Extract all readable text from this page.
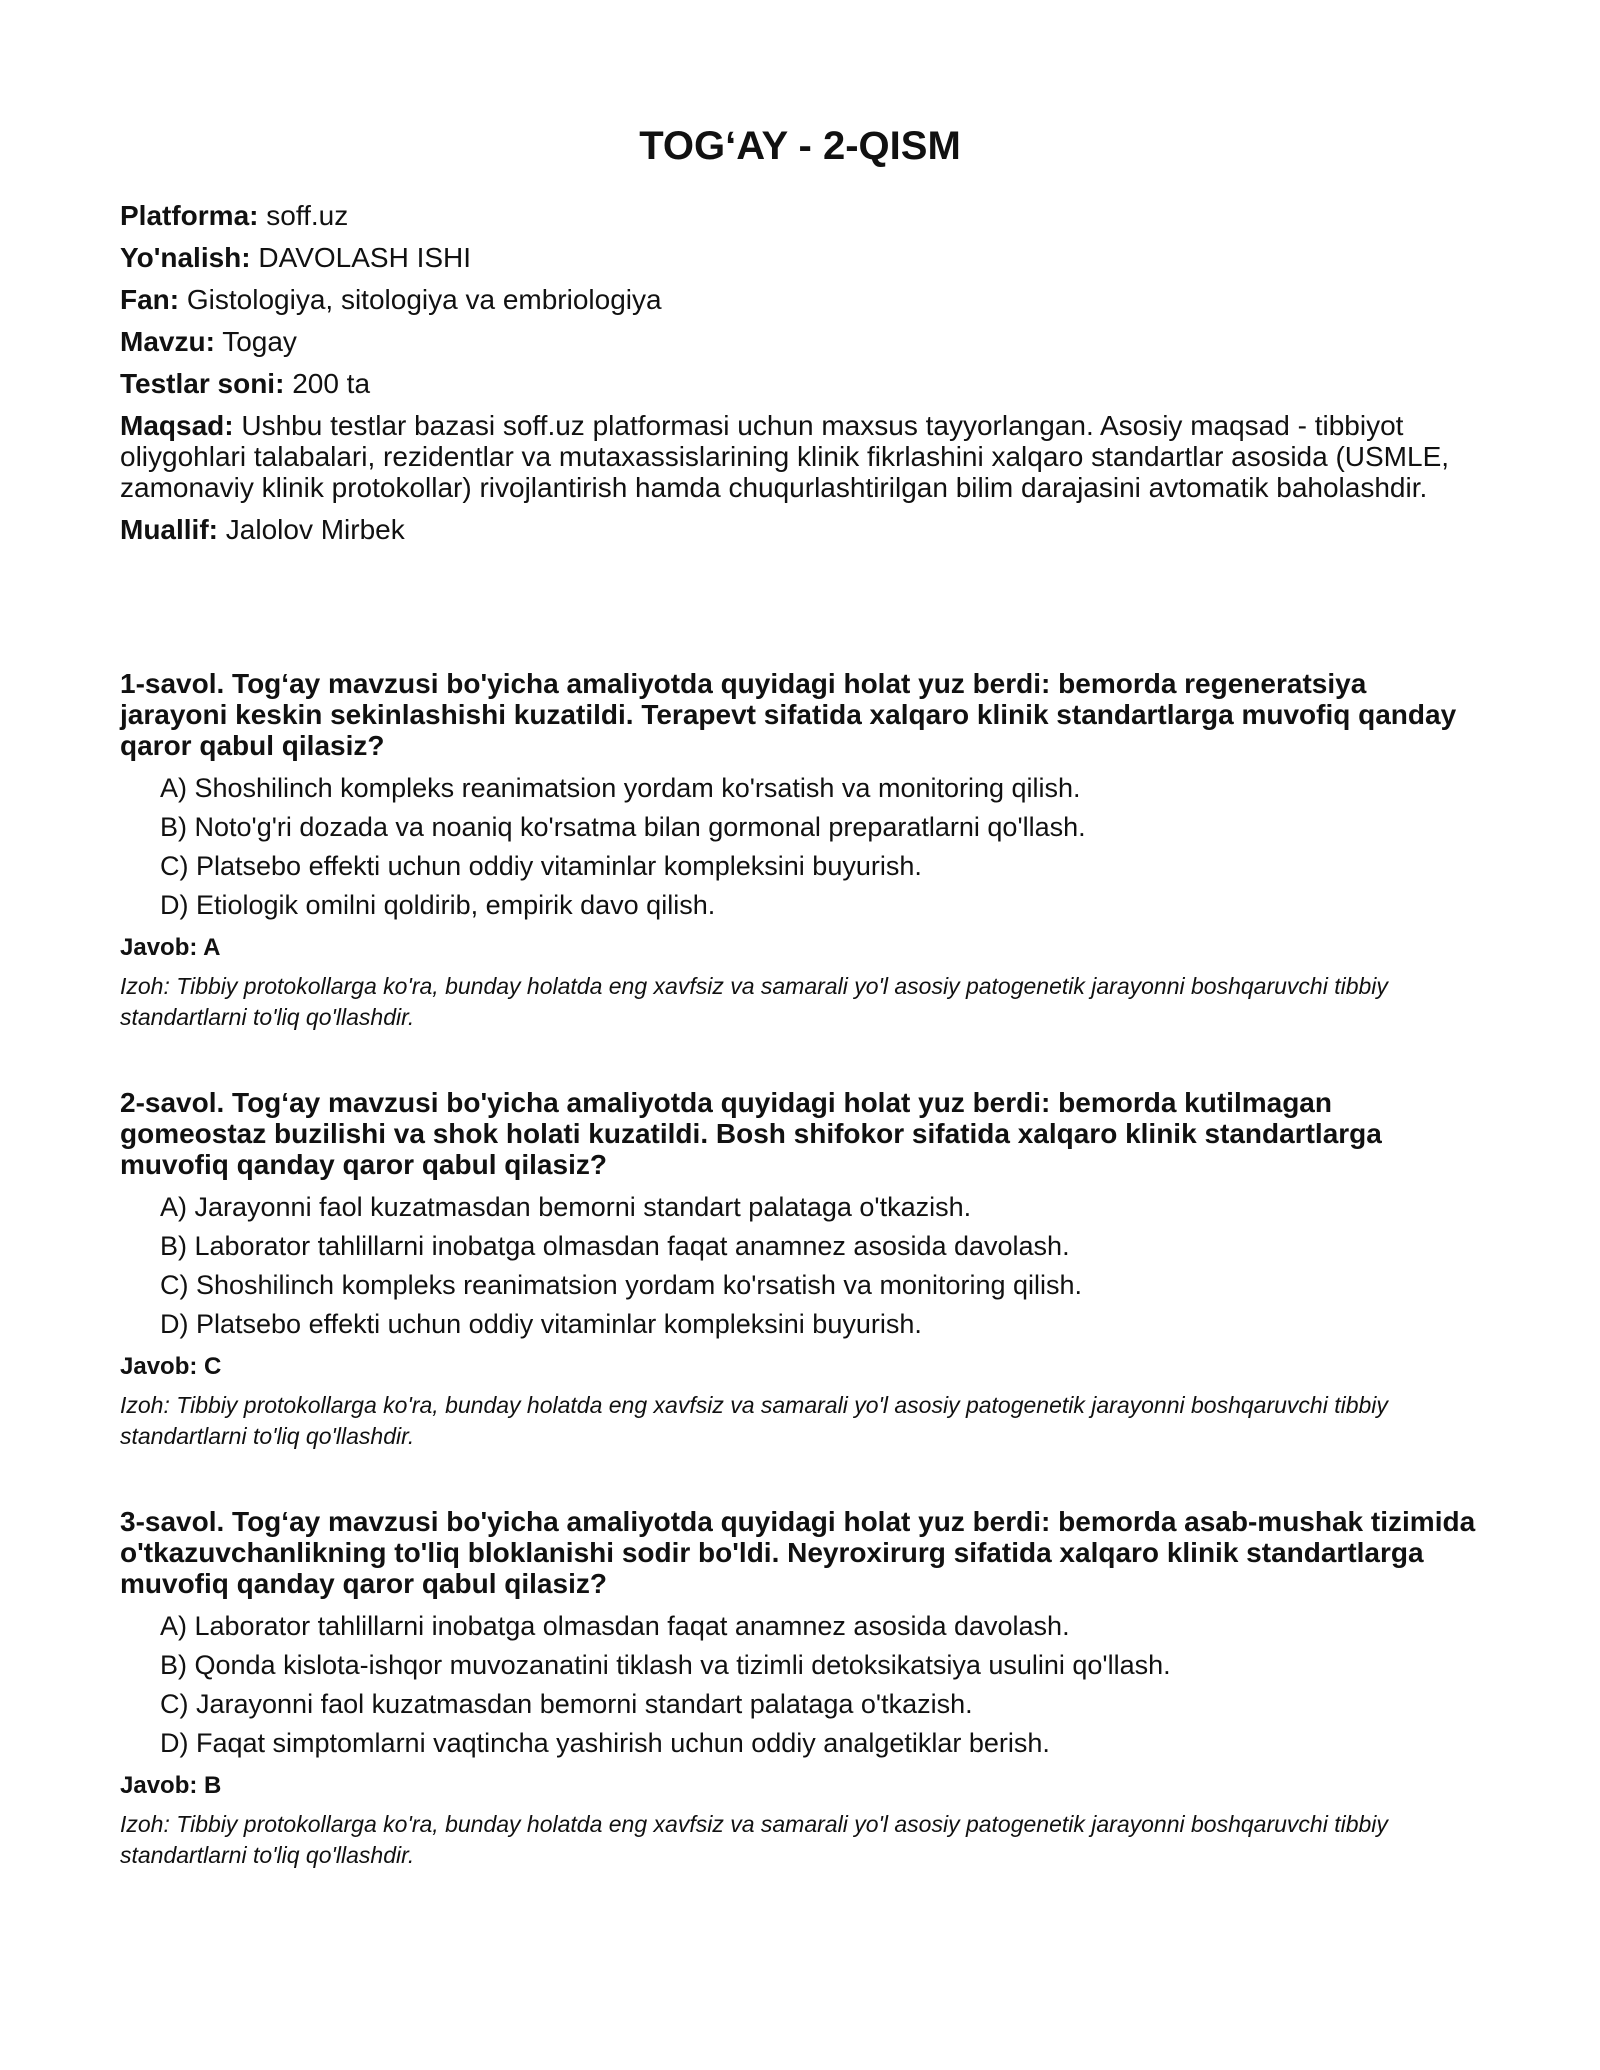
TOG‘AY - 2-QISM

Platforma: soff.uz

Yo'nalish: DAVOLASH ISHI

Fan: Gistologiya, sitologiya va embriologiya

Mavzu: Togay

Testlar soni: 200 ta

Maqsad: Ushbu testlar bazasi soff.uz platformasi uchun maxsus tayyorlangan. Asosiy maqsad - tibbiyot oliygohlari talabalari, rezidentlar va mutaxassislarining klinik fikrlashini xalqaro standartlar asosida (USMLE, zamonaviy klinik protokollar) rivojlantirish hamda chuqurlashtirilgan bilim darajasini avtomatik baholashdir.

Muallif: Jalolov Mirbek

1-savol. Tog‘ay mavzusi bo'yicha amaliyotda quyidagi holat yuz berdi: bemorda regeneratsiya jarayoni keskin sekinlashishi kuzatildi. Terapevt sifatida xalqaro klinik standartlarga muvofiq qanday qaror qabul qilasiz?

A) Shoshilinch kompleks reanimatsion yordam ko'rsatish va monitoring qilish.
B) Noto'g'ri dozada va noaniq ko'rsatma bilan gormonal preparatlarni qo'llash.
C) Platsebo effekti uchun oddiy vitaminlar kompleksini buyurish.
D) Etiologik omilni qoldirib, empirik davo qilish.

Javob: A

Izoh: Tibbiy protokollarga ko'ra, bunday holatda eng xavfsiz va samarali yo'l asosiy patogenetik jarayonni boshqaruvchi tibbiy standartlarni to'liq qo'llashdir.

2-savol. Tog‘ay mavzusi bo'yicha amaliyotda quyidagi holat yuz berdi: bemorda kutilmagan gomeostaz buzilishi va shok holati kuzatildi. Bosh shifokor sifatida xalqaro klinik standartlarga muvofiq qanday qaror qabul qilasiz?

A) Jarayonni faol kuzatmasdan bemorni standart palataga o'tkazish.
B) Laborator tahlillarni inobatga olmasdan faqat anamnez asosida davolash.
C) Shoshilinch kompleks reanimatsion yordam ko'rsatish va monitoring qilish.
D) Platsebo effekti uchun oddiy vitaminlar kompleksini buyurish.

Javob: C

Izoh: Tibbiy protokollarga ko'ra, bunday holatda eng xavfsiz va samarali yo'l asosiy patogenetik jarayonni boshqaruvchi tibbiy standartlarni to'liq qo'llashdir.

3-savol. Tog‘ay mavzusi bo'yicha amaliyotda quyidagi holat yuz berdi: bemorda asab-mushak tizimida o'tkazuvchanlikning to'liq bloklanishi sodir bo'ldi. Neyroxirurg sifatida xalqaro klinik standartlarga muvofiq qanday qaror qabul qilasiz?

A) Laborator tahlillarni inobatga olmasdan faqat anamnez asosida davolash.
B) Qonda kislota-ishqor muvozanatini tiklash va tizimli detoksikatsiya usulini qo'llash.
C) Jarayonni faol kuzatmasdan bemorni standart palataga o'tkazish.
D) Faqat simptomlarni vaqtincha yashirish uchun oddiy analgetiklar berish.

Javob: B

Izoh: Tibbiy protokollarga ko'ra, bunday holatda eng xavfsiz va samarali yo'l asosiy patogenetik jarayonni boshqaruvchi tibbiy standartlarni to'liq qo'llashdir.
